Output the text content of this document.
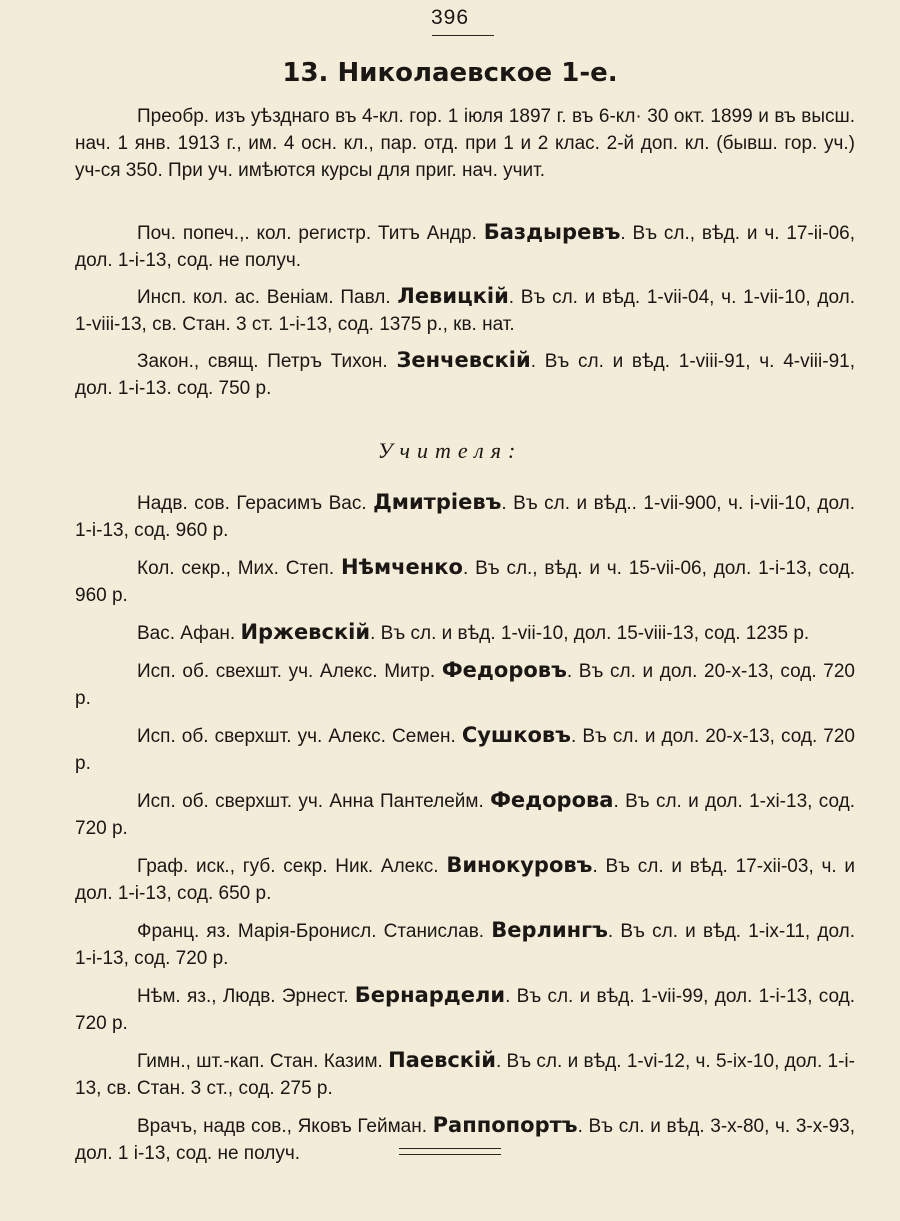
396
13. Николаевское 1-е.

Преобр. изъ уѣзднаго въ 4-кл. гор. 1 іюля 1897 г. въ 6-кл· 30 окт. 1899 и въ высш. нач. 1 янв. 1913 г., им. 4 осн. кл., пар. отд. при 1 и 2 клас. 2-й доп. кл. (бывш. гор. уч.) уч-ся 350. При уч. имѣются курсы для приг. нач. учит.

Поч. попеч.,. кол. регистр. Титъ Андр. Баздыревъ. Въ сл., вѣд. и ч. 17-ii-06, дол. 1-i-13, сод. не получ.

Инсп. кол. ас. Веніам. Павл. Левицкій. Въ сл. и вѣд. 1-vii-04, ч. 1-vii-10, дол. 1-viii-13, св. Стан. 3 ст. 1-i-13, сод. 1375 р., кв. нат.

Закон., свящ. Петръ Тихон. Зенчевскій. Въ сл. и вѣд. 1-viii-91, ч. 4-viii-91, дол. 1-i-13. сод. 750 р.

Учителя:

Надв. сов. Герасимъ Вас. Дмитріевъ. Въ сл. и вѣд.. 1-vii-900, ч. i-vii-10, дол. 1-i-13, сод. 960 р.

Кол. секр., Мих. Степ. Нѣмченко. Въ сл., вѣд. и ч. 15-vii-06, дол. 1-i-13, сод. 960 р.

Вас. Афан. Иржевскій. Въ сл. и вѣд. 1-vii-10, дол. 15-viii-13, сод. 1235 р.

Исп. об. свехшт. уч. Алекс. Митр. Федоровъ. Въ сл. и дол. 20-x-13, сод. 720 р.

Исп. об. сверхшт. уч. Алекс. Семен. Сушковъ. Въ сл. и дол. 20-x-13, сод. 720 р.

Исп. об. сверхшт. уч. Анна Пантелейм. Федорова. Въ сл. и дол. 1-xi-13, сод. 720 р.

Граф. иск., губ. секр. Ник. Алекс. Винокуровъ. Въ сл. и вѣд. 17-xii-03, ч. и дол. 1-i-13, сод. 650 р.

Франц. яз. Марія-Бронисл. Станислав. Верлингъ. Въ сл. и вѣд. 1-ix-11, дол. 1-i-13, сод. 720 р.

Нѣм. яз., Людв. Эрнест. Бернардели. Въ сл. и вѣд. 1-vii-99, дол. 1-i-13, сод. 720 р.

Гимн., шт.-кап. Стан. Казим. Паевскій. Въ сл. и вѣд. 1-vi-12, ч. 5-ix-10, дол. 1-i-13, св. Стан. 3 ст., сод. 275 р.

Врачъ, надв сов., Яковъ Гейман. Раппопортъ. Въ сл. и вѣд. 3-x-80, ч. 3-x-93, дол. 1 i-13, сод. не получ.
